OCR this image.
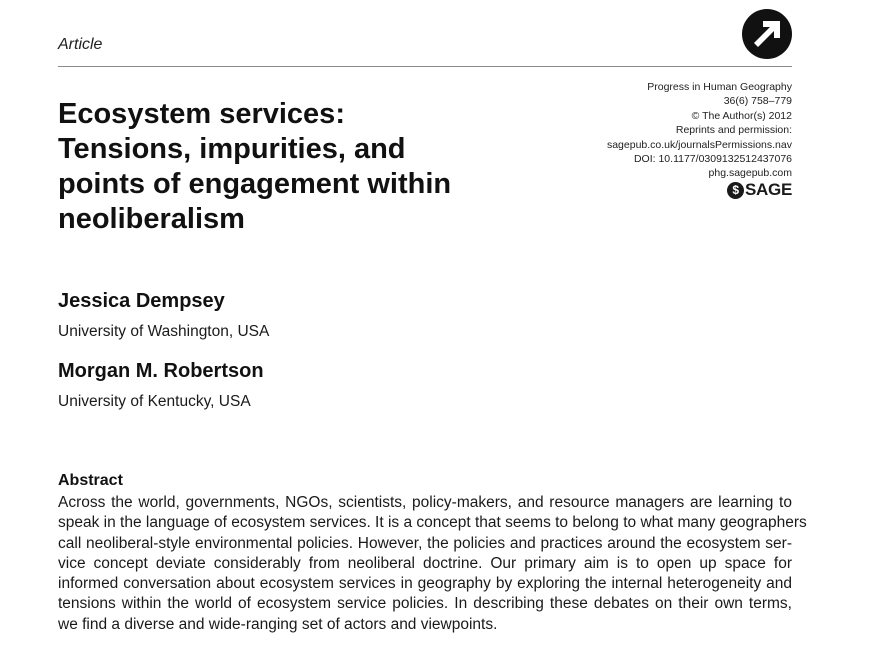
Article
Progress in Human Geography
36(6) 758–779
© The Author(s) 2012
Reprints and permission:
sagepub.co.uk/journalsPermissions.nav
DOI: 10.1177/0309132512437076
phg.sagepub.com
$ SAGE
Ecosystem services:
Tensions, impurities, and
points of engagement within
neoliberalism
Jessica Dempsey
University of Washington, USA
Morgan M. Robertson
University of Kentucky, USA
Abstract
Across the world, governments, NGOs, scientists, policy-makers, and resource managers are learning to
speak in the language of ecosystem services. It is a concept that seems to belong to what many geographers
call neoliberal-style environmental policies. However, the policies and practices around the ecosystem ser-
vice concept deviate considerably from neoliberal doctrine. Our primary aim is to open up space for
informed conversation about ecosystem services in geography by exploring the internal heterogeneity and
tensions within the world of ecosystem service policies. In describing these debates on their own terms,
we find a diverse and wide-ranging set of actors and viewpoints.
